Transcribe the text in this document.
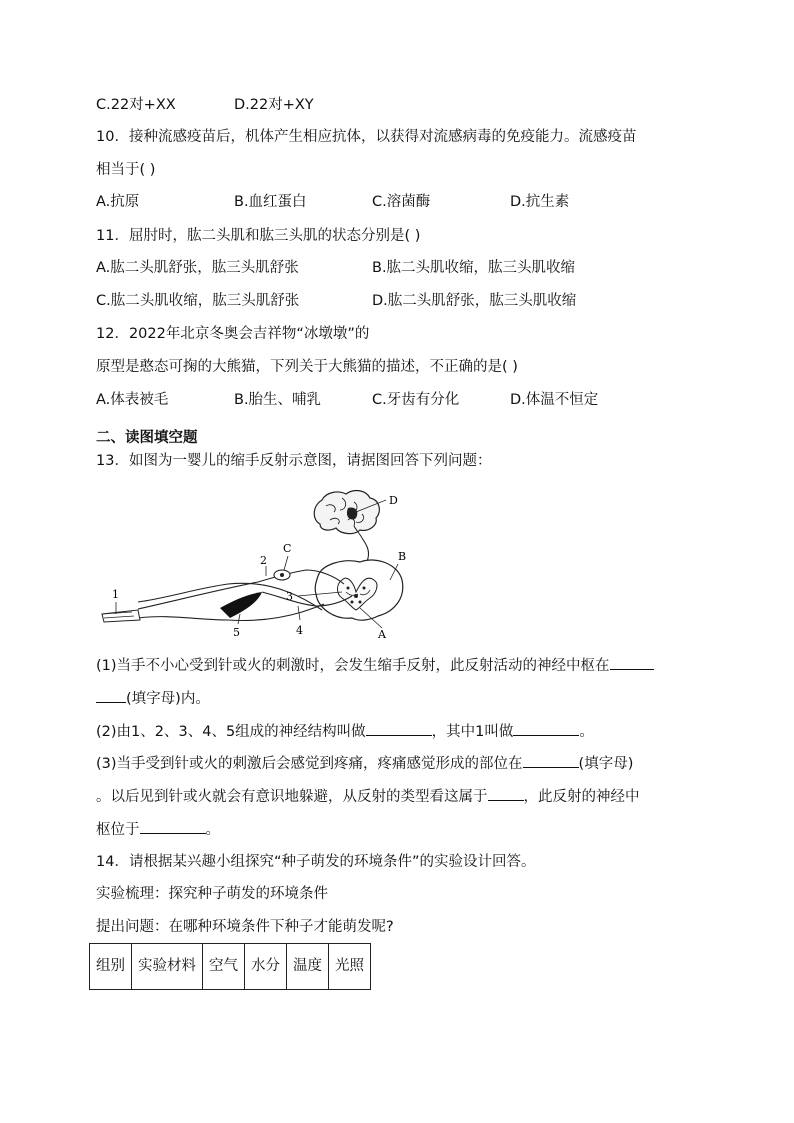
C.22对+XX	D.22对+XY
10．接种流感疫苗后，机体产生相应抗体，以获得对流感病毒的免疫能力。流感疫苗
相当于( )
A.抗原	B.血红蛋白	C.溶菌酶	D.抗生素
11．屈肘时，肱二头肌和肱三头肌的状态分别是( )
A.肱二头肌舒张，肱三头肌舒张	B.肱二头肌收缩，肱三头肌收缩
C.肱二头肌收缩，肱三头肌舒张	D.肱二头肌舒张，肱三头肌收缩
12．2022年北京冬奥会吉祥物“冰墩墩”的
原型是憨态可掬的大熊猫，下列关于大熊猫的描述，不正确的是( )
A.体表被毛	B.胎生、哺乳	C.牙齿有分化	D.体温不恒定
二、读图填空题
13．如图为一婴儿的缩手反射示意图，请据图回答下列问题：
D
B
A
C
2
1
5	4
3
(1)当手不小心受到针或火的刺激时，会发生缩手反射，此反射活动的神经中枢在
(填字母)内。
(2)由1、2、3、4、5组成的神经结构叫做	，其中1叫做	。
(3)当手受到针或火的刺激后会感觉到疼痛，疼痛感觉形成的部位在	(填字母)
。以后见到针或火就会有意识地躲避，从反射的类型看这属于 ，此反射的神经中
枢位于	。
14．请根据某兴趣小组探究“种子萌发的环境条件”的实验设计回答。
实验梳理：探究种子萌发的环境条件
提出问题：在哪种环境条件下种子才能萌发呢?
组别	实验材料	空气	水分	温度	光照
